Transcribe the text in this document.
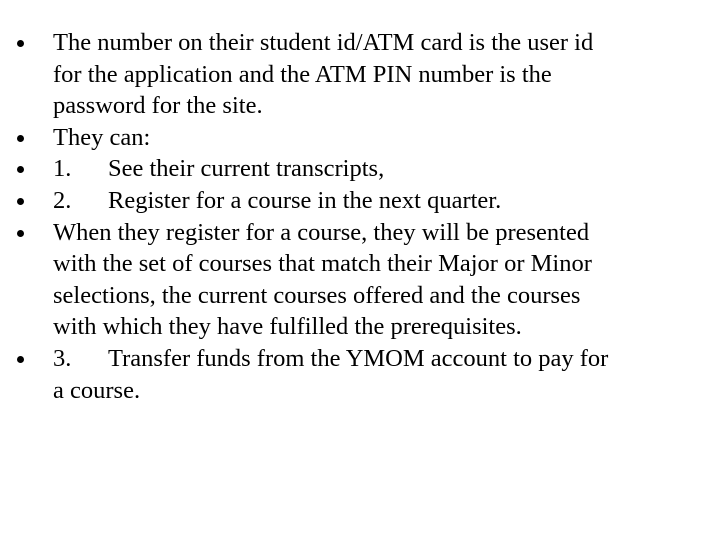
The number on their student id/ATM card is the user id
for the application and the ATM PIN number is the
password for the site.
They can:
1. See their current transcripts,
2. Register for a course in the next quarter.
When they register for a course, they will be presented
with the set of courses that match their Major or Minor
selections, the current courses offered and the courses
with which they have fulfilled the prerequisites.
3. Transfer funds from the YMOM account to pay for
a course.
